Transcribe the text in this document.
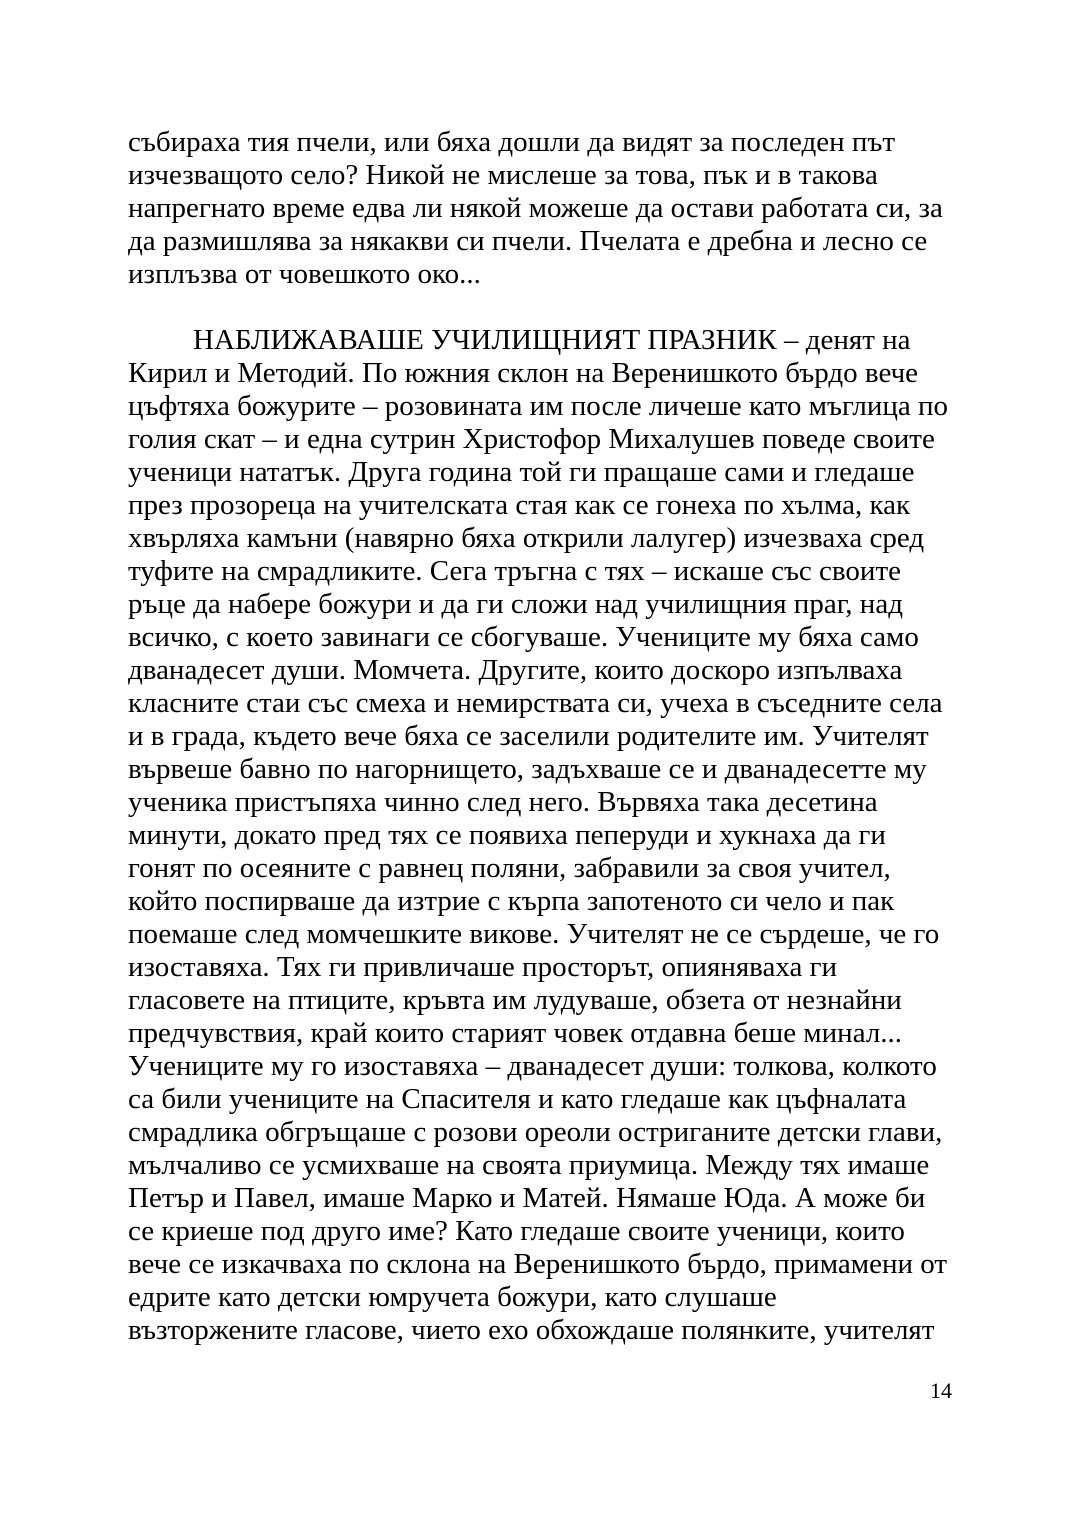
събираха тия пчели, или бяха дошли да видят за последен път изчезващото село? Никой не мислеше за това, пък и в такова напрегнато време едва ли някой можеше да остави работата си, за да размишлява за някакви си пчели. Пчелата е дребна и лесно се изплъзва от човешкото око...

НАБЛИЖАВАШЕ УЧИЛИЩНИЯТ ПРАЗНИК – денят на Кирил и Методий. По южния склон на Веренишкото бърдо вече цъфтяха божурите – розовината им после личеше като мъглица по голия скат – и една сутрин Христофор Михалушев поведе своите ученици нататък. Друга година той ги пращаше сами и гледаше през прозореца на учителската стая как се гонеха по хълма, как хвърляха камъни (навярно бяха открили лалугер) изчезваха сред туфите на смрадликите. Сега тръгна с тях – искаше със своите ръце да набере божури и да ги сложи над училищния праг, над всичко, с което завинаги се сбогуваше. Учениците му бяха само дванадесет души. Момчета. Другите, които доскоро изпълваха класните стаи със смеха и немирствата си, учеха в съседните села и в града, където вече бяха се заселили родителите им. Учителят вървеше бавно по нагорнището, задъхваше се и дванадесетте му ученика пристъпяха чинно след него. Вървяха така десетина минути, докато пред тях се появиха пеперуди и хукнаха да ги гонят по осеяните с равнец поляни, забравили за своя учител, който поспирваше да изтрие с кърпа запотеното си чело и пак поемаше след момчешките викове. Учителят не се сърдеше, че го изоставяха. Тях ги привличаше просторът, опияняваха ги гласовете на птиците, кръвта им лудуваше, обзета от незнайни предчувствия, край които старият човек отдавна беше минал... Учениците му го изоставяха – дванадесет души: толкова, колкото са били учениците на Спасителя и като гледаше как цъфналата смрадлика обгръщаше с розови ореоли остриганите детски глави, мълчаливо се усмихваше на своята приумица. Между тях имаше Петър и Павел, имаше Марко и Матей. Нямаше Юда. А може би се криеше под друго име? Като гледаше своите ученици, които вече се изкачваха по склона на Веренишкото бърдо, примамени от едрите като детски юмручета божури, като слушаше възторжените гласове, чието ехо обхождаше полянките, учителят

14
